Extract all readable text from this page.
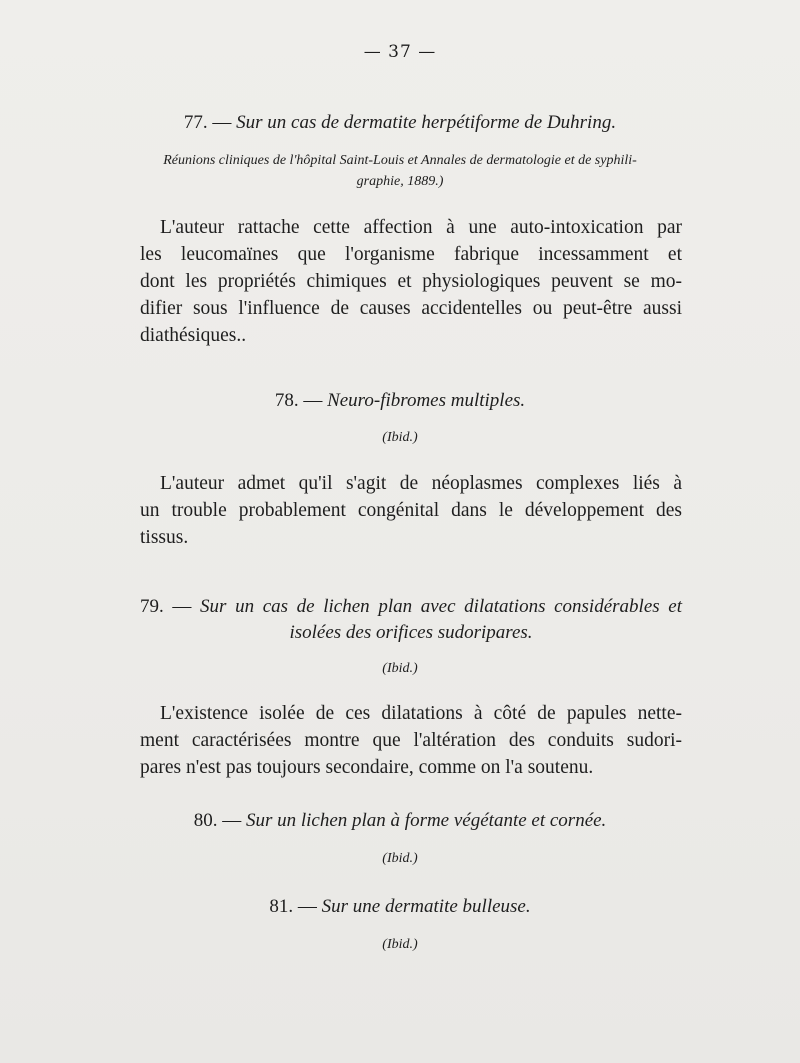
— 37 —
77. — Sur un cas de dermatite herpétiforme de Duhring.
Réunions cliniques de l'hôpital Saint-Louis et Annales de dermatologie et de syphili-
graphie, 1889.)
L'auteur rattache cette affection à une auto-intoxication par
les leucomaïnes que l'organisme fabrique incessamment et
dont les propriétés chimiques et physiologiques peuvent se mo-
difier sous l'influence de causes accidentelles ou peut-être aussi
diathésiques..
78. — Neuro-fibromes multiples.
(Ibid.)
L'auteur admet qu'il s'agit de néoplasmes complexes liés à
un trouble probablement congénital dans le développement des
tissus.
79. — Sur un cas de lichen plan avec dilatations considérables et
isolées des orifices sudoripares.
(Ibid.)
L'existence isolée de ces dilatations à côté de papules nette-
ment caractérisées montre que l'altération des conduits sudori-
pares n'est pas toujours secondaire, comme on l'a soutenu.
80. — Sur un lichen plan à forme végétante et cornée.
(Ibid.)
81. — Sur une dermatite bulleuse.
(Ibid.)
